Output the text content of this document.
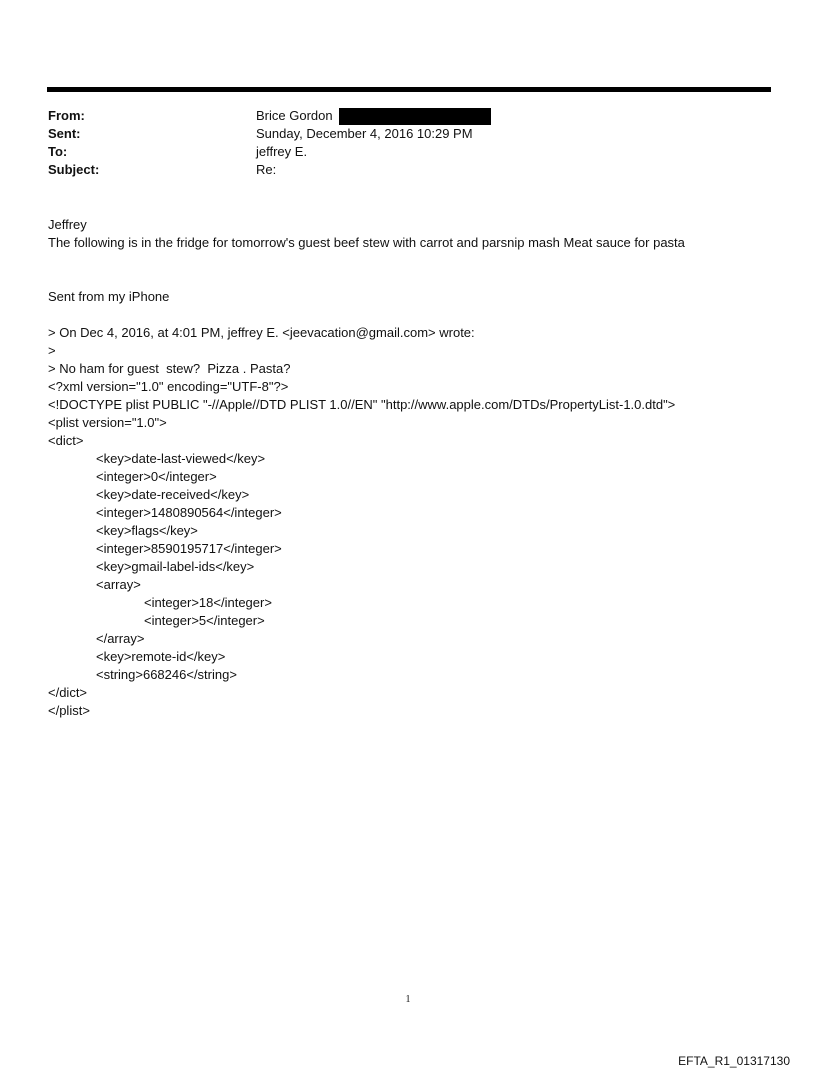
From:	Brice Gordon
Sent:	Sunday, December 4, 2016 10:29 PM
To:	jeffrey E.
Subject:	Re:
Jeffrey
The following is in the fridge for tomorrow's guest beef stew with carrot and parsnip mash Meat sauce for pasta
Sent from my iPhone
> On Dec 4, 2016, at 4:01 PM, jeffrey E. <jeevacation@gmail.com> wrote:
>
> No ham for guest  stew?  Pizza . Pasta?
<?xml version="1.0" encoding="UTF-8"?>
<!DOCTYPE plist PUBLIC "-//Apple//DTD PLIST 1.0//EN" "http://www.apple.com/DTDs/PropertyList-1.0.dtd">
<plist version="1.0">
<dict>
<key>date-last-viewed</key>
<integer>0</integer>
<key>date-received</key>
<integer>1480890564</integer>
<key>flags</key>
<integer>8590195717</integer>
<key>gmail-label-ids</key>
<array>
<integer>18</integer>
<integer>5</integer>
</array>
<key>remote-id</key>
<string>668246</string>
</dict>
</plist>
1
EFTA_R1_01317130
